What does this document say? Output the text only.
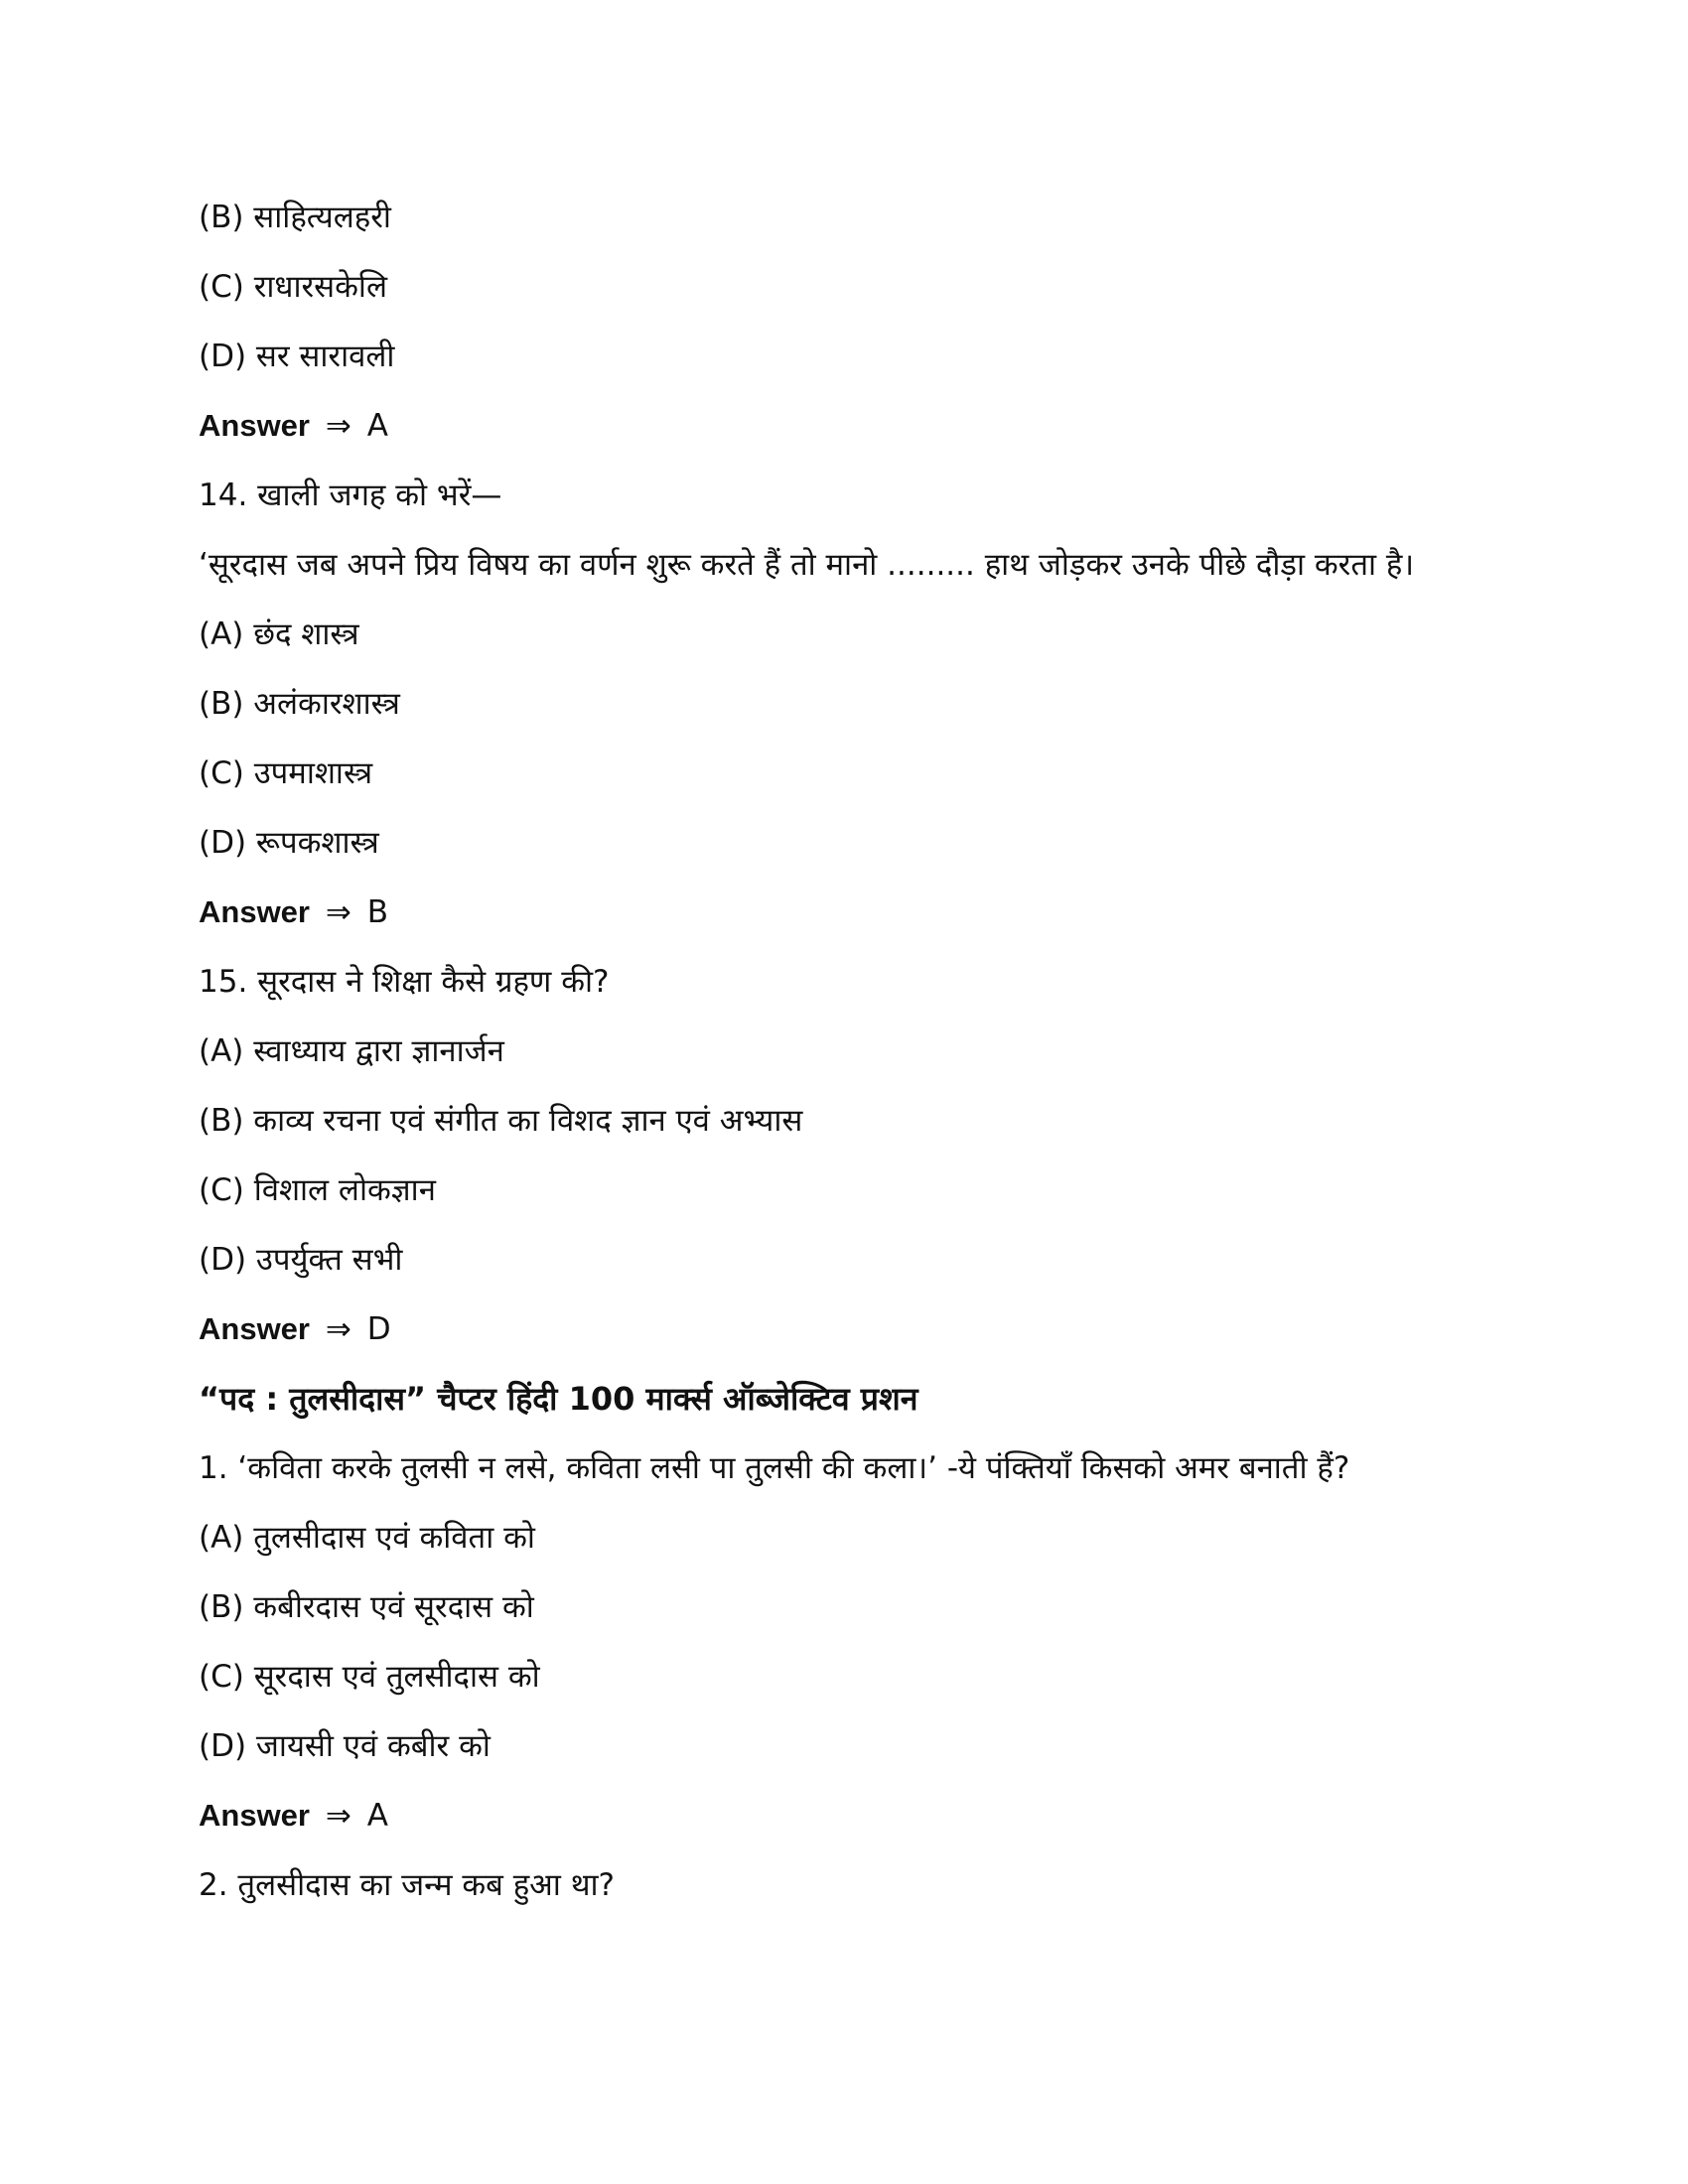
(B) साहित्यलहरी
(C) राधारसकेलि
(D) सर सारावली
Answer ⇒ A
14. खाली जगह को भरें—
‘सूरदास जब अपने प्रिय विषय का वर्णन शुरू करते हैं तो मानो ......... हाथ जोड़कर उनके पीछे दौड़ा करता है।
(A) छंद शास्त्र
(B) अलंकारशास्त्र
(C) उपमाशास्त्र
(D) रूपकशास्त्र
Answer ⇒ B
15. सूरदास ने शिक्षा कैसे ग्रहण की?
(A) स्वाध्याय द्वारा ज्ञानार्जन
(B) काव्य रचना एवं संगीत का विशद ज्ञान एवं अभ्यास
(C) विशाल लोकज्ञान
(D) उपर्युक्त सभी
Answer ⇒ D
“पद : तुलसीदास” चैप्टर हिंदी 100 मार्क्स ऑब्जेक्टिव प्रशन
1. ‘कविता करके तुलसी न लसे, कविता लसी पा तुलसी की कला।’ -ये पंक्तियाँ किसको अमर बनाती हैं?
(A) तुलसीदास एवं कविता को
(B) कबीरदास एवं सूरदास को
(C) सूरदास एवं तुलसीदास को
(D) जायसी एवं कबीर को
Answer ⇒ A
2. तुलसीदास का जन्म कब हुआ था?
